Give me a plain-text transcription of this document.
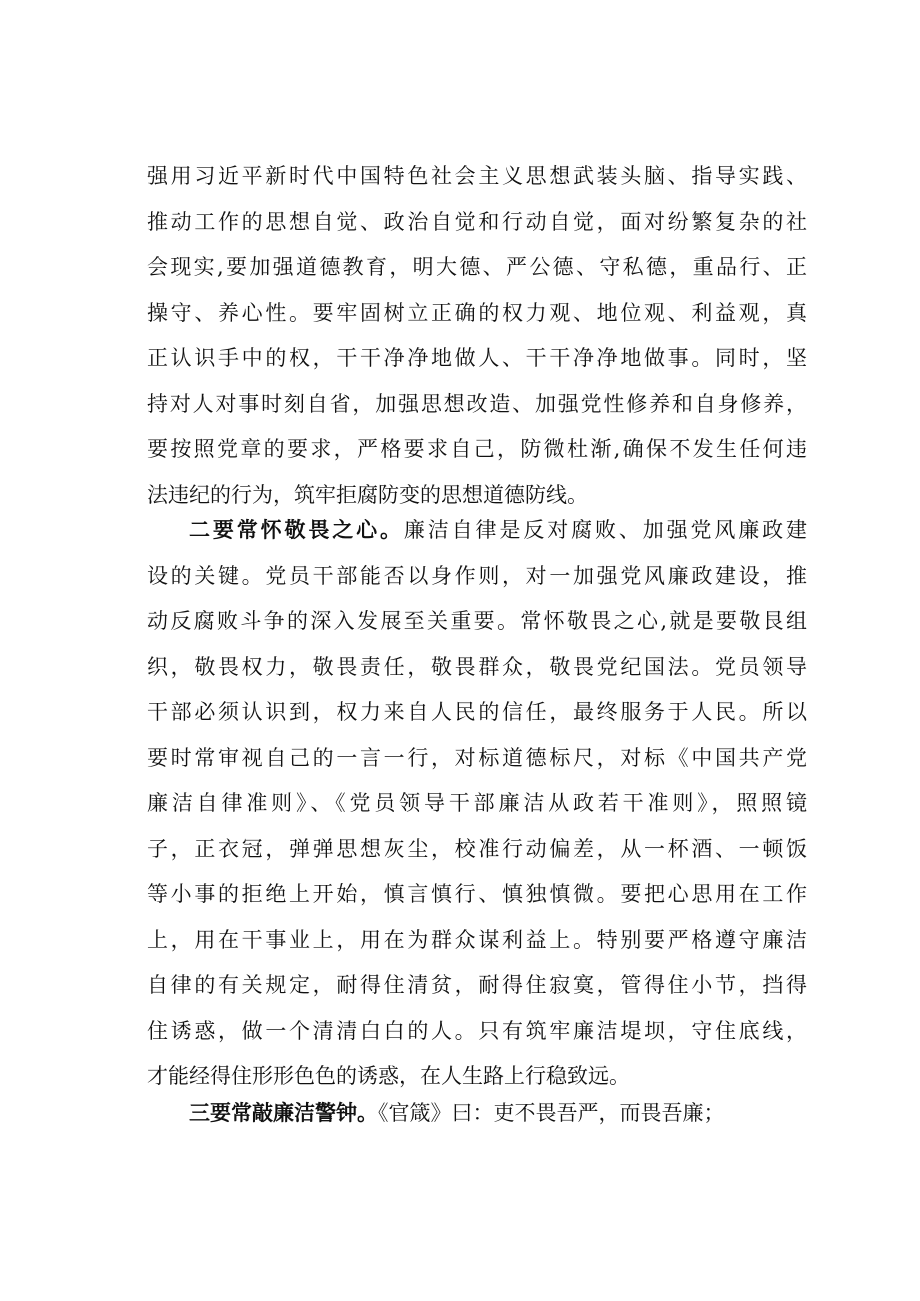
强用习近平新时代中国特色社会主义思想武装头脑、指导实践、
推动工作的思想自觉、政治自觉和行动自觉，面对纷繁复杂的社
会现实,要加强道德教育，明大德、严公德、守私德，重品行、正
操守、养心性。要牢固树立正确的权力观、地位观、利益观，真
正认识手中的权，干干净净地做人、干干净净地做事。同时，坚
持对人对事时刻自省，加强思想改造、加强党性修养和自身修养，
要按照党章的要求，严格要求自己，防微杜渐,确保不发生任何违
法违纪的行为，筑牢拒腐防变的思想道德防线。
二要常怀敬畏之心。廉洁自律是反对腐败、加强党风廉政建
设的关键。党员干部能否以身作则，对一加强党风廉政建设，推
动反腐败斗争的深入发展至关重要。常怀敬畏之心,就是要敬艮组
织，敬畏权力，敬畏责任，敬畏群众，敬畏党纪国法。党员领导
干部必须认识到，权力来自人民的信任，最终服务于人民。所以
要时常审视自己的一言一行，对标道德标尺，对标《中国共产党
廉洁自律准则》、《党员领导干部廉洁从政若干准则》，照照镜
子，正衣冠，弹弹思想灰尘，校准行动偏差，从一杯酒、一顿饭
等小事的拒绝上开始，慎言慎行、慎独慎微。要把心思用在工作
上，用在干事业上，用在为群众谋利益上。特别要严格遵守廉洁
自律的有关规定，耐得住清贫，耐得住寂寞，管得住小节，挡得
住诱惑，做一个清清白白的人。只有筑牢廉洁堤坝，守住底线，
才能经得住形形色色的诱惑，在人生路上行稳致远。
三要常敲廉洁警钟。《官箴》曰：吏不畏吾严，而畏吾廉；
